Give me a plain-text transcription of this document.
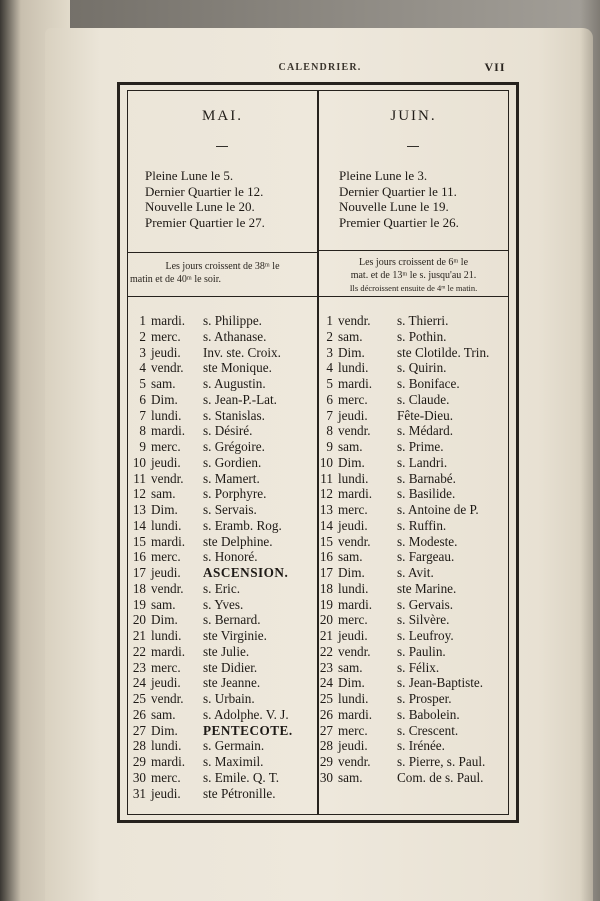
CALENDRIER.	VII
MAI.
Pleine Lune le 5.
Dernier Quartier le 12.
Nouvelle Lune le 20.
Premier Quartier le 27.
Les jours croissent de 38ᵐ le
matin et de 40ᵐ le soir.
1 mardi. s. Philippe.
2 merc. s. Athanase.
3 jeudi. Inv. ste. Croix.
4 vendr. ste Monique.
5 sam. s. Augustin.
6 Dim. s. Jean-P.-Lat.
7 lundi. s. Stanislas.
8 mardi. s. Désiré.
9 merc. s. Grégoire.
10 jeudi. s. Gordien.
11 vendr. s. Mamert.
12 sam. s. Porphyre.
13 Dim. s. Servais.
14 lundi. s. Eramb. Rog.
15 mardi. ste Delphine.
16 merc. s. Honoré.
17 jeudi. ASCENSION.
18 vendr. s. Eric.
19 sam. s. Yves.
20 Dim. s. Bernard.
21 lundi. ste Virginie.
22 mardi. ste Julie.
23 merc. ste Didier.
24 jeudi. ste Jeanne.
25 vendr. s. Urbain.
26 sam. s. Adolphe. V. J.
27 Dim. PENTECOTE.
28 lundi. s. Germain.
29 mardi. s. Maximil.
30 merc. s. Emile. Q. T.
31 jeudi. ste Pétronille.
JUIN.
Pleine Lune le 3.
Dernier Quartier le 11.
Nouvelle Lune le 19.
Premier Quartier le 26.
Les jours croissent de 6ᵐ le
mat. et de 13ᵐ le s. jusqu'au 21.
Ils décroissent ensuite de 4ᵐ le matin.
1 vendr. s. Thierri.
2 sam.	s. Pothin.
3 Dim. ste Clotilde. Trin.
4 lundi. s. Quirin.
5 mardi. s. Boniface.
6 merc. s. Claude.
7 jeudi. Fête-Dieu.
8 vendr. s. Médard.
9 sam.	s. Prime.
10 Dim. s. Landri.
11 lundi. s. Barnabé.
12 mardi. s. Basilide.
13 merc. s. Antoine de P.
14 jeudi. s. Ruffin.
15 vendr. s. Modeste.
16 sam.	s. Fargeau.
17 Dim. s. Avit.
18 lundi. ste Marine.
19 mardi. s. Gervais.
20 merc. s. Silvère.
21 jeudi. s. Leufroy.
22 vendr. s. Paulin.
23 sam.	s. Félix.
24 Dim. s. Jean-Baptiste.
25 lundi. s. Prosper.
26 mardi. s. Babolein.
27 merc. s. Crescent.
28 jeudi. s. Irénée.
29 vendr. s. Pierre, s. Paul.
30 sam.	Com. de s. Paul.
